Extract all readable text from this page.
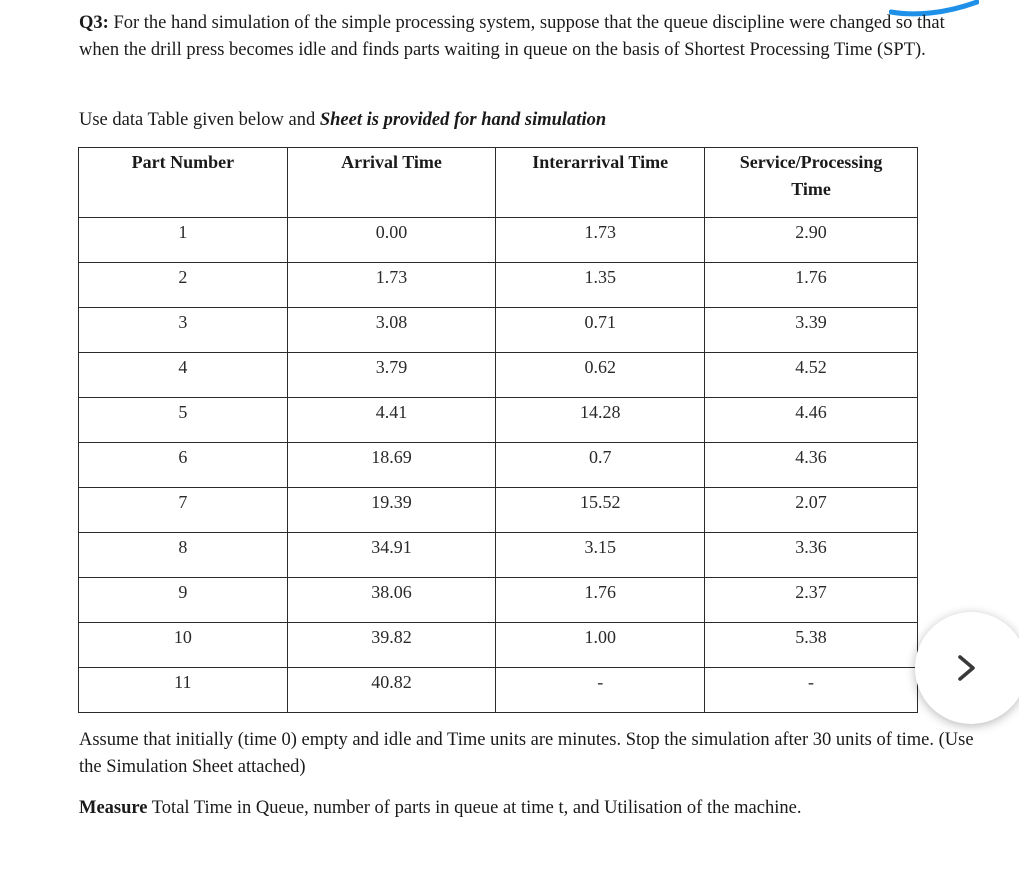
Q3: For the hand simulation of the simple processing system, suppose that the queue discipline were changed so that when the drill press becomes idle and finds parts waiting in queue on the basis of Shortest Processing Time (SPT).

Use data Table given below and Sheet is provided for hand simulation

Part Number	Arrival Time	Interarrival Time	Service/Processing Time
1	0.00	1.73	2.90
2	1.73	1.35	1.76
3	3.08	0.71	3.39
4	3.79	0.62	4.52
5	4.41	14.28	4.46
6	18.69	0.7	4.36
7	19.39	15.52	2.07
8	34.91	3.15	3.36
9	38.06	1.76	2.37
10	39.82	1.00	5.38
11	40.82	-	-

Assume that initially (time 0) empty and idle and Time units are minutes. Stop the simulation after 30 units of time. (Use the Simulation Sheet attached)

Measure Total Time in Queue, number of parts in queue at time t, and Utilisation of the machine.
